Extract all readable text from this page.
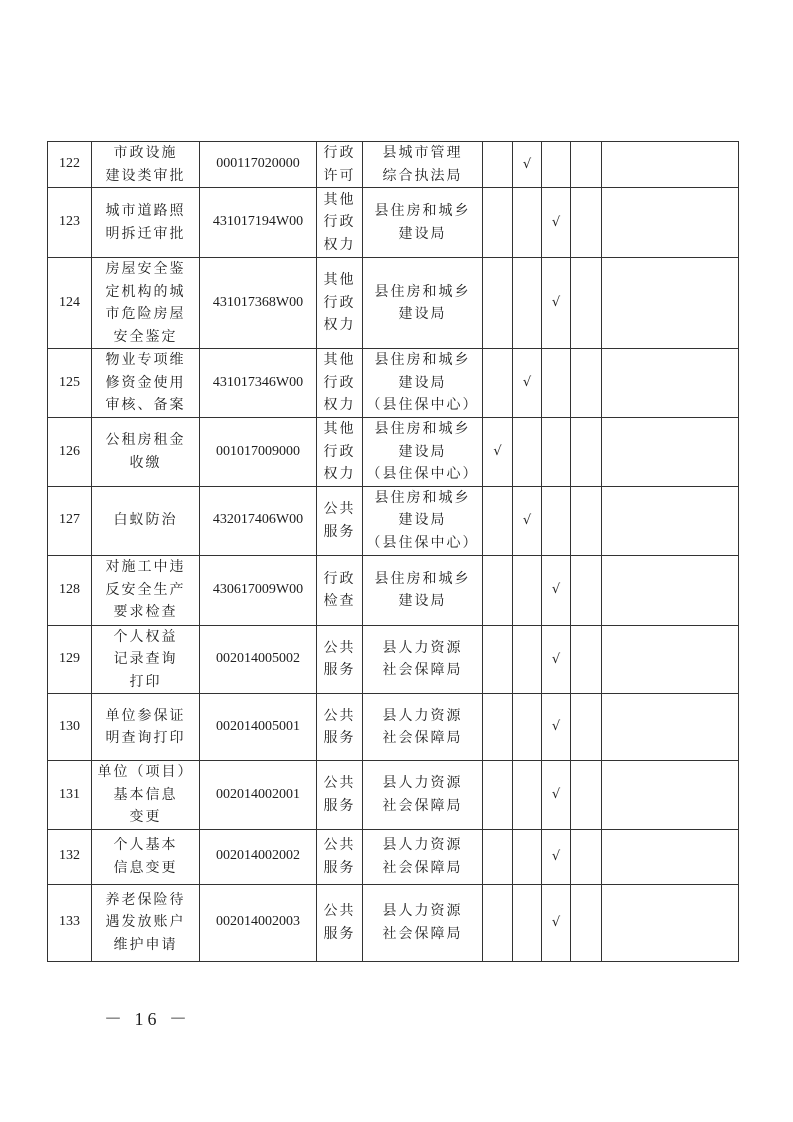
122	市政设施
建设类审批	000117020000	行政
许可	县城市管理
综合执法局		√			
123	城市道路照
明拆迁审批	431017194W00	其他
行政
权力	县住房和城乡
建设局			√		
124	房屋安全鉴
定机构的城
市危险房屋
安全鉴定	431017368W00	其他
行政
权力	县住房和城乡
建设局			√		
125	物业专项维
修资金使用
审核、备案	431017346W00	其他
行政
权力	县住房和城乡
建设局
（县住保中心）		√			
126	公租房租金
收缴	001017009000	其他
行政
权力	县住房和城乡
建设局
（县住保中心）	√				
127	白蚁防治	432017406W00	公共
服务	县住房和城乡
建设局
（县住保中心）		√			
128	对施工中违
反安全生产
要求检查	430617009W00	行政
检查	县住房和城乡
建设局			√		
129	个人权益
记录查询
打印	002014005002	公共
服务	县人力资源
社会保障局			√		
130	单位参保证
明查询打印	002014005001	公共
服务	县人力资源
社会保障局			√		
131	单位（项目）
基本信息
变更	002014002001	公共
服务	县人力资源
社会保障局			√		
132	个人基本
信息变更	002014002002	公共
服务	县人力资源
社会保障局			√		
133	养老保险待
遇发放账户
维护申请	002014002003	公共
服务	县人力资源
社会保障局			√		
－ 16 －
